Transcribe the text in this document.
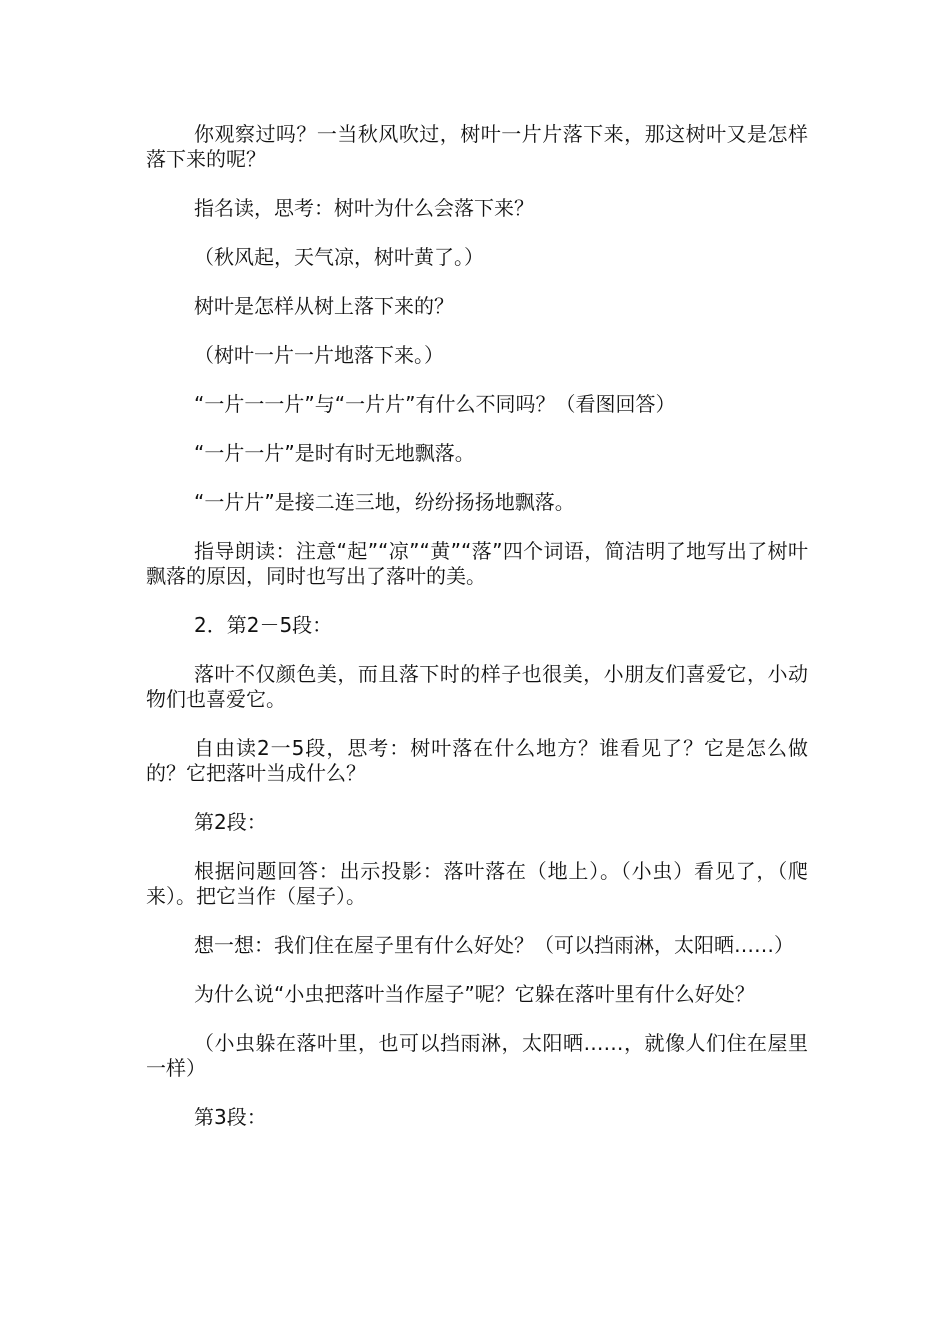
你观察过吗？一当秋风吹过，树叶一片片落下来，那这树叶又是怎样落下来的呢？

指名读，思考：树叶为什么会落下来？

（秋风起，天气凉，树叶黄了。）

树叶是怎样从树上落下来的？

（树叶一片一片地落下来。）

“一片一一片”与“一片片”有什么不同吗？（看图回答）

“一片一片”是时有时无地飘落。

“一片片”是接二连三地，纷纷扬扬地飘落。

指导朗读：注意“起”“凉”“黄”“落”四个词语，简洁明了地写出了树叶飘落的原因，同时也写出了落叶的美。

2．第2－5段：

落叶不仅颜色美，而且落下时的样子也很美，小朋友们喜爱它，小动物们也喜爱它。

自由读2一5段，思考：树叶落在什么地方？谁看见了？它是怎么做的？它把落叶当成什么？

第2段：

根据问题回答：出示投影：落叶落在（地上）。（小虫）看见了，（爬来）。把它当作（屋子）。

想一想：我们住在屋子里有什么好处？（可以挡雨淋，太阳晒……）

为什么说“小虫把落叶当作屋子”呢？它躲在落叶里有什么好处？

（小虫躲在落叶里，也可以挡雨淋，太阳晒……，就像人们住在屋里一样）

第3段：
